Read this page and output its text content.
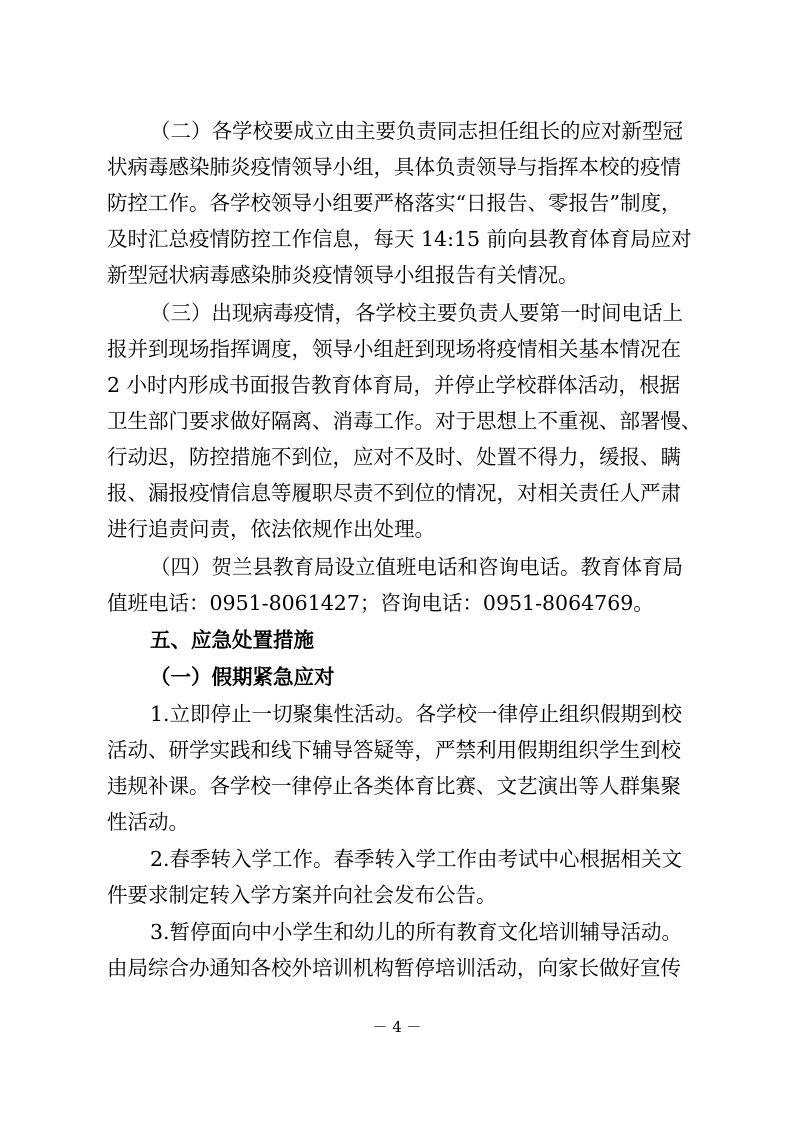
（二）各学校要成立由主要负责同志担任组长的应对新型冠
状病毒感染肺炎疫情领导小组，具体负责领导与指挥本校的疫情
防控工作。各学校领导小组要严格落实“日报告、零报告”制度，
及时汇总疫情防控工作信息，每天 14:15 前向县教育体育局应对
新型冠状病毒感染肺炎疫情领导小组报告有关情况。
（三）出现病毒疫情，各学校主要负责人要第一时间电话上
报并到现场指挥调度，领导小组赶到现场将疫情相关基本情况在
2 小时内形成书面报告教育体育局，并停止学校群体活动，根据
卫生部门要求做好隔离、消毒工作。对于思想上不重视、部署慢、
行动迟，防控措施不到位，应对不及时、处置不得力，缓报、瞒
报、漏报疫情信息等履职尽责不到位的情况，对相关责任人严肃
进行追责问责，依法依规作出处理。
（四）贺兰县教育局设立值班电话和咨询电话。教育体育局
值班电话：0951-8061427；咨询电话：0951-8064769。
五、应急处置措施
（一）假期紧急应对
1.立即停止一切聚集性活动。各学校一律停止组织假期到校
活动、研学实践和线下辅导答疑等，严禁利用假期组织学生到校
违规补课。各学校一律停止各类体育比赛、文艺演出等人群集聚
性活动。
2.春季转入学工作。春季转入学工作由考试中心根据相关文
件要求制定转入学方案并向社会发布公告。
3.暂停面向中小学生和幼儿的所有教育文化培训辅导活动。
由局综合办通知各校外培训机构暂停培训活动，向家长做好宣传
－ 4 －
